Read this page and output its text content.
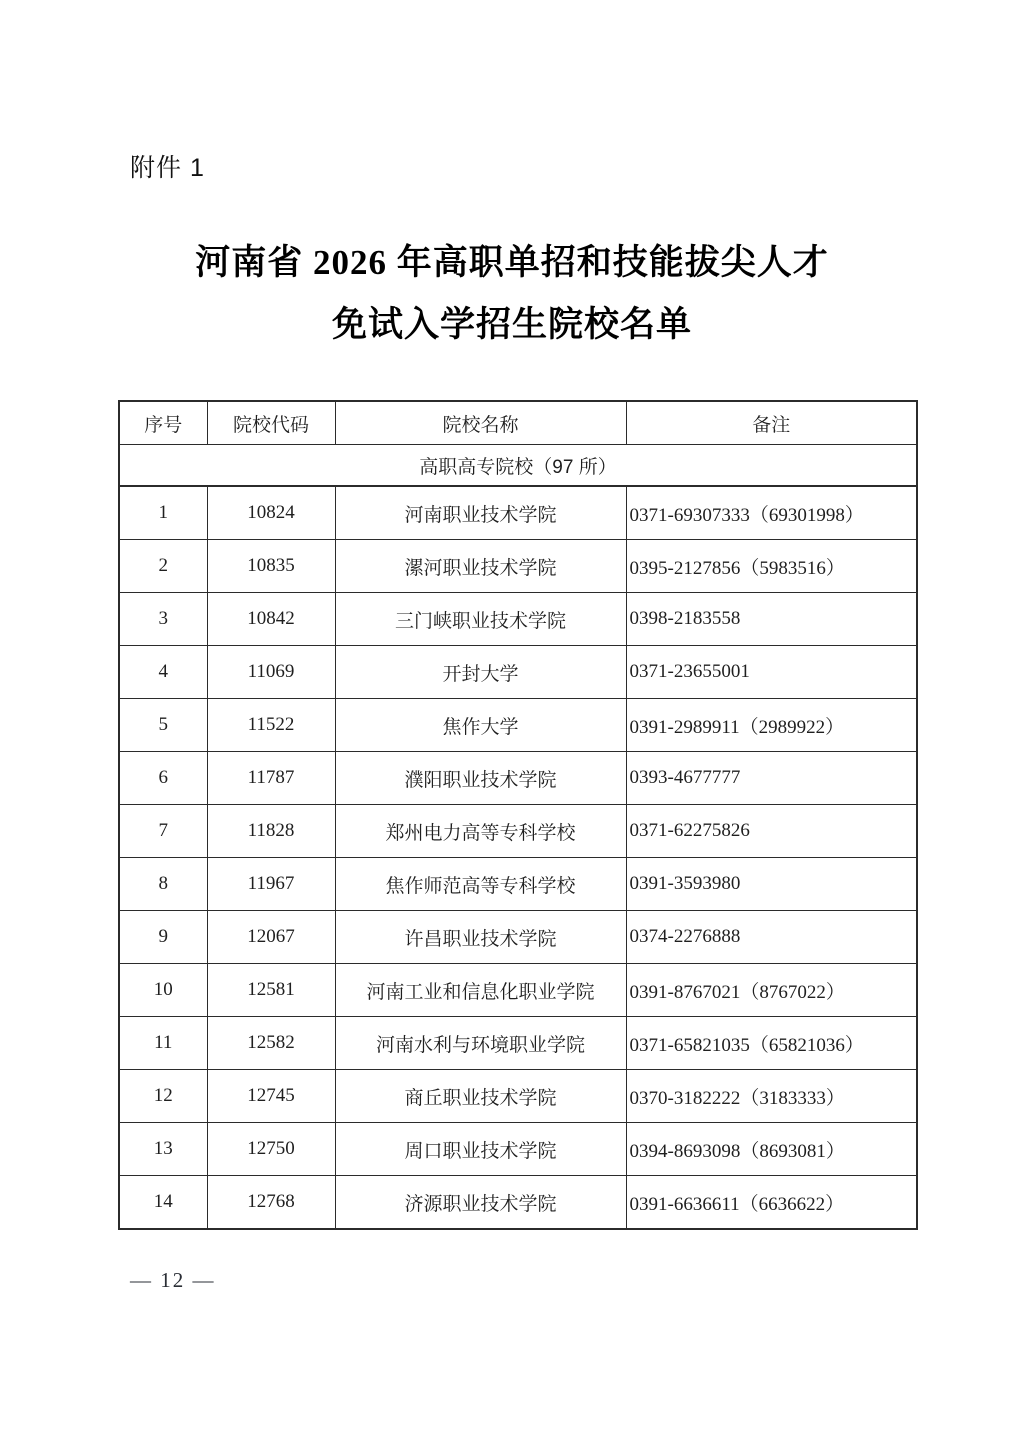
附件 1
河南省 2026 年高职单招和技能拔尖人才
免试入学招生院校名单
序号	院校代码	院校名称	备注
高职高专院校（97 所）			
1	10824	河南职业技术学院	0371-69307333（69301998）
2	10835	漯河职业技术学院	0395-2127856（5983516）
3	10842	三门峡职业技术学院	0398-2183558
4	11069	开封大学	0371-23655001
5	11522	焦作大学	0391-2989911（2989922）
6	11787	濮阳职业技术学院	0393-4677777
7	11828	郑州电力高等专科学校	0371-62275826
8	11967	焦作师范高等专科学校	0391-3593980
9	12067	许昌职业技术学院	0374-2276888
10	12581	河南工业和信息化职业学院	0391-8767021（8767022）
11	12582	河南水利与环境职业学院	0371-65821035（65821036）
12	12745	商丘职业技术学院	0370-3182222（3183333）
13	12750	周口职业技术学院	0394-8693098（8693081）
14	12768	济源职业技术学院	0391-6636611（6636622）
— 12 —
